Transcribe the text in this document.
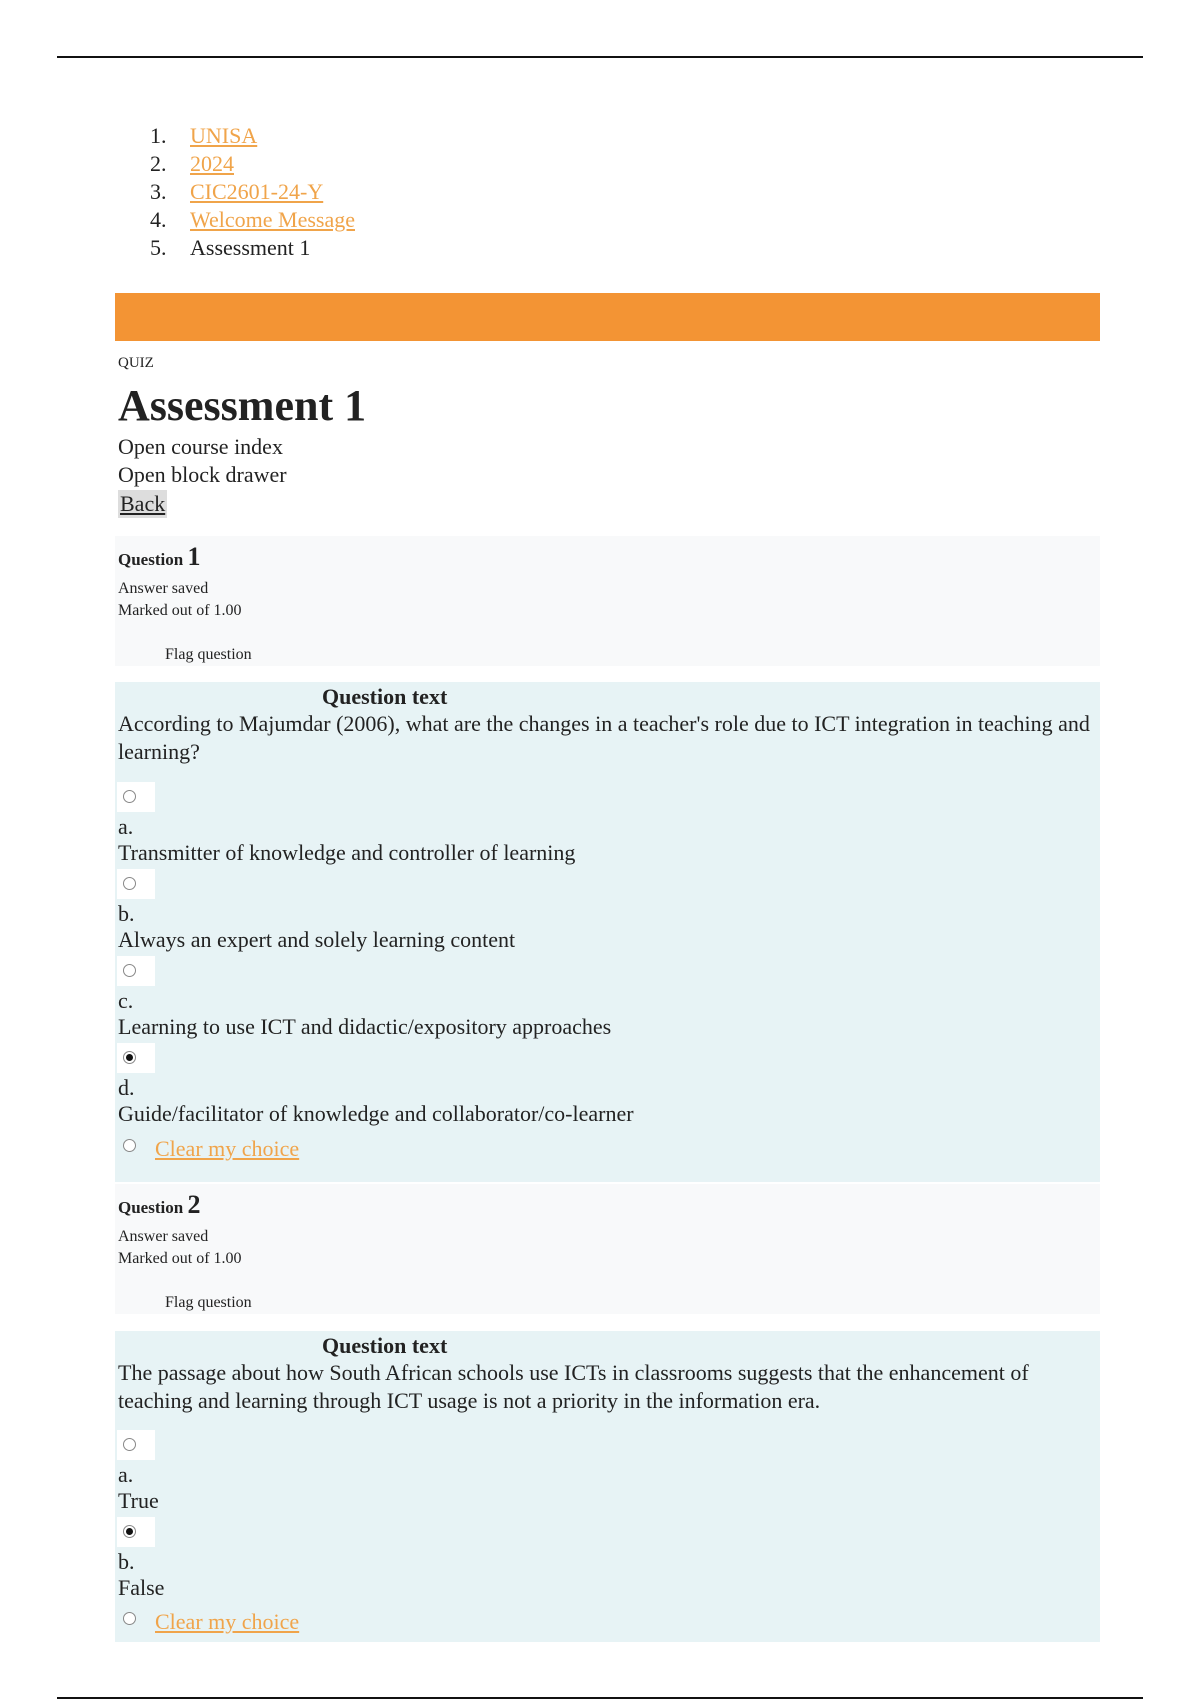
1.	UNISA
2.	2024
3.	CIC2601-24-Y
4.	Welcome Message
5.	Assessment 1
QUIZ
Assessment 1
Open course index
Open block drawer
Back
Question 1
Answer saved
Marked out of 1.00
Flag question
Question text
According to Majumdar (2006), what are the changes in a teacher's role due to ICT integration in teaching and learning?
a.
Transmitter of knowledge and controller of learning
b.
Always an expert and solely learning content
c.
Learning to use ICT and didactic/expository approaches
d.
Guide/facilitator of knowledge and collaborator/co-learner
Clear my choice
Question 2
Answer saved
Marked out of 1.00
Flag question
Question text
The passage about how South African schools use ICTs in classrooms suggests that the enhancement of teaching and learning through ICT usage is not a priority in the information era.
a.
True
b.
False
Clear my choice
